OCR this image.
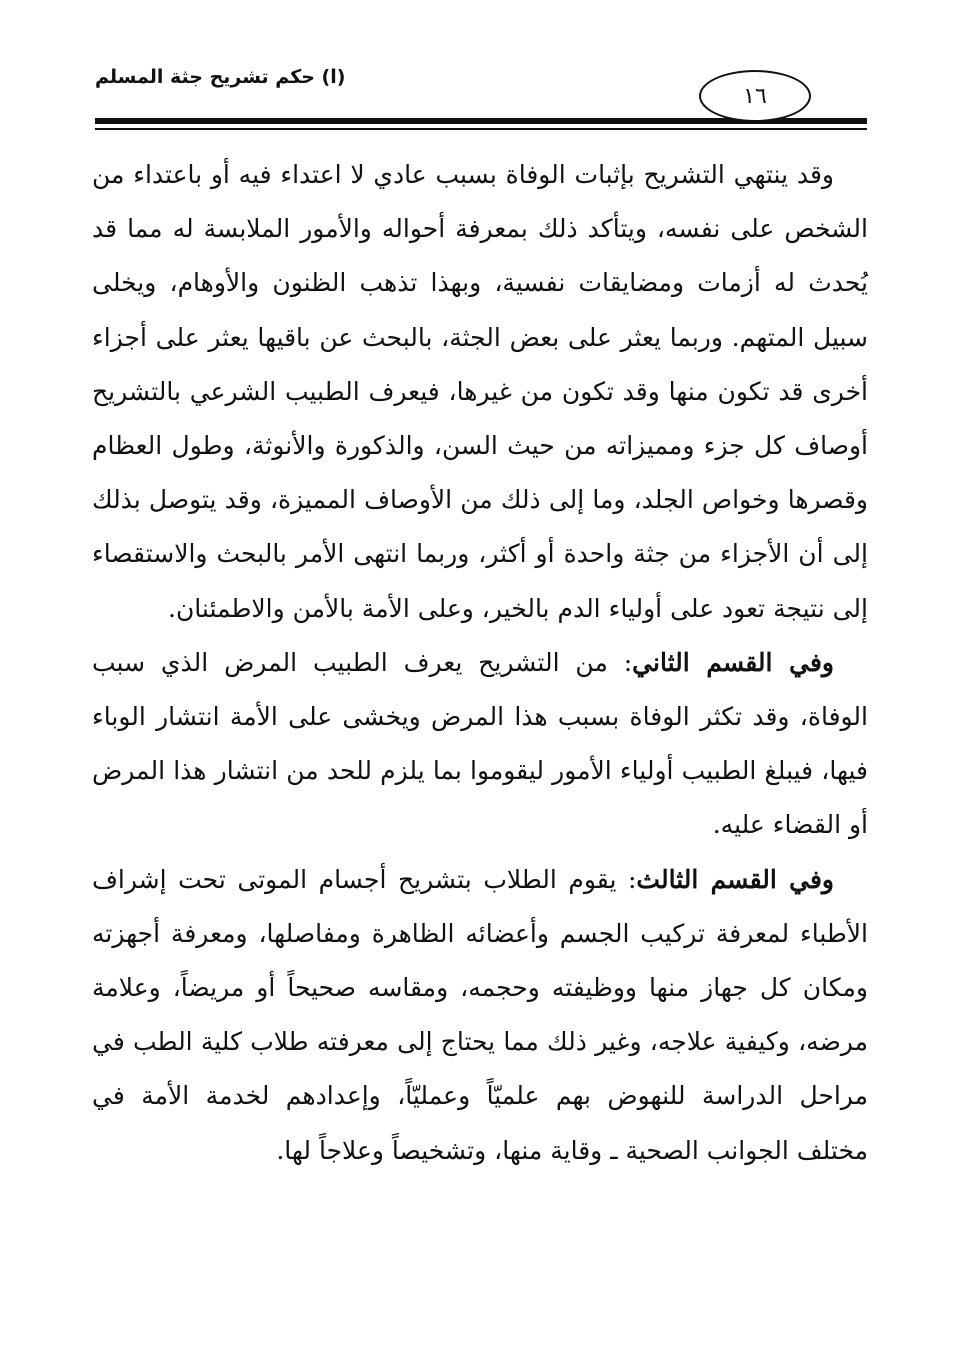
١٦
(ا) حكم تشريح جثة المسلم

وقد ينتهي التشريح بإثبات الوفاة بسبب عادي لا اعتداء فيه أو باعتداء من الشخص على نفسه، ويتأكد ذلك بمعرفة أحواله والأمور الملابسة له مما قد يُحدث له أزمات ومضايقات نفسية، وبهذا تذهب الظنون والأوهام، ويخلى سبيل المتهم. وربما يعثر على بعض الجثة، بالبحث عن باقيها يعثر على أجزاء أخرى قد تكون منها وقد تكون من غيرها، فيعرف الطبيب الشرعي بالتشريح أوصاف كل جزء ومميزاته من حيث السن، والذكورة والأنوثة، وطول العظام وقصرها وخواص الجلد، وما إلى ذلك من الأوصاف المميزة، وقد يتوصل بذلك إلى أن الأجزاء من جثة واحدة أو أكثر، وربما انتهى الأمر بالبحث والاستقصاء إلى نتيجة تعود على أولياء الدم بالخير، وعلى الأمة بالأمن والاطمئنان.

وفي القسم الثاني: من التشريح يعرف الطبيب المرض الذي سبب الوفاة، وقد تكثر الوفاة بسبب هذا المرض ويخشى على الأمة انتشار الوباء فيها، فيبلغ الطبيب أولياء الأمور ليقوموا بما يلزم للحد من انتشار هذا المرض أو القضاء عليه.

وفي القسم الثالث: يقوم الطلاب بتشريح أجسام الموتى تحت إشراف الأطباء لمعرفة تركيب الجسم وأعضائه الظاهرة ومفاصلها، ومعرفة أجهزته ومكان كل جهاز منها ووظيفته وحجمه، ومقاسه صحيحاً أو مريضاً، وعلامة مرضه، وكيفية علاجه، وغير ذلك مما يحتاج إلى معرفته طلاب كلية الطب في مراحل الدراسة للنهوض بهم علميّاً وعمليّاً، وإعدادهم لخدمة الأمة في مختلف الجوانب الصحية ـ وقاية منها، وتشخيصاً وعلاجاً لها.
